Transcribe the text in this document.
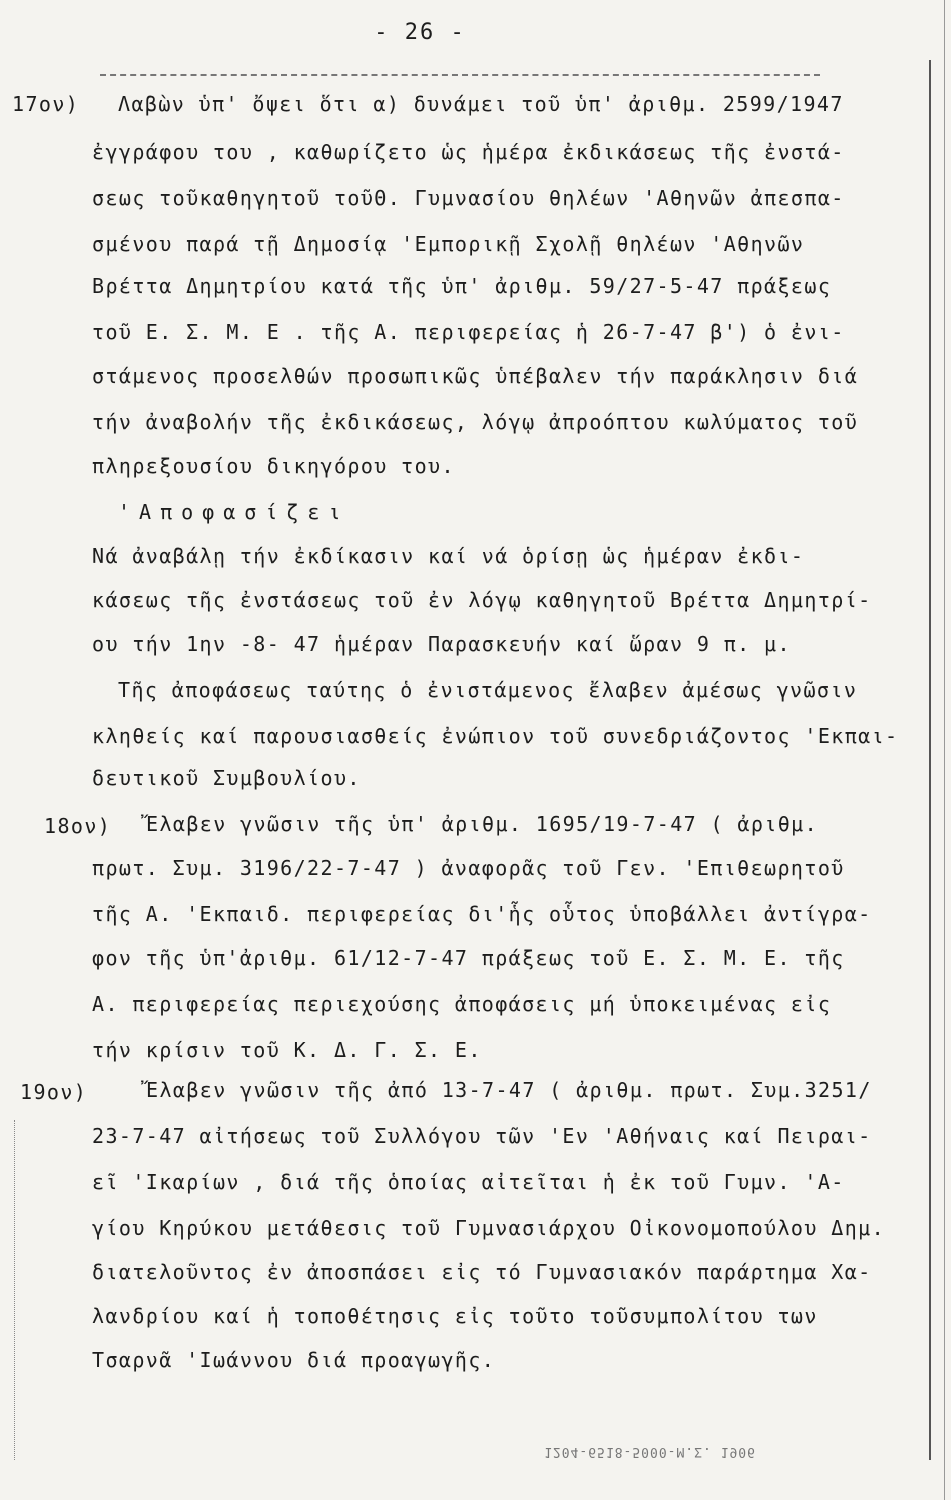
- 26 -
17ον) Λαβὼν ὑπ' ὄψει ὅτι α) δυνάμει τοῦ ὑπ' ἀριθμ. 2599/1947
ἐγγράφου του , καθωρίζετο ὡς ἡμέρα ἐκδικάσεως τῆς ἐνστά-
σεως τοῦκαθηγητοῦ τοῦΘ. Γυμνασίου θηλέων 'Αθηνῶν ἀπεσπα-
σμένου παρά τῇ Δημοσίᾳ 'Εμπορικῇ Σχολῇ θηλέων 'Αθηνῶν
Βρέττα Δημητρίου κατά τῆς ὑπ' ἀριθμ. 59/27-5-47 πράξεως
τοῦ Ε. Σ. Μ. Ε . τῆς Α. περιφερείας ἡ 26-7-47 β') ὁ ἐνι-
στάμενος προσελθών προσωπικῶς ὑπέβαλεν τήν παράκλησιν διά
τήν ἀναβολήν τῆς ἐκδικάσεως, λόγῳ ἀπροόπτου κωλύματος τοῦ
πληρεξουσίου δικηγόρου του.
'Αποφασίζει
Νά ἀναβάλῃ τήν ἐκδίκασιν καί νά ὁρίσῃ ὡς ἡμέραν ἐκδι-
κάσεως τῆς ἐνστάσεως τοῦ ἐν λόγῳ καθηγητοῦ Βρέττα Δημητρί-
ου τήν 1ην -8- 47 ἡμέραν Παρασκευήν καί ὥραν 9 π. μ.
Τῆς ἀποφάσεως ταύτης ὁ ἐνιστάμενος ἔλαβεν ἀμέσως γνῶσιν
κληθείς καί παρουσιασθείς ἐνώπιον τοῦ συνεδριάζοντος 'Εκπαι-
δευτικοῦ Συμβουλίου.
18ον) Ἔλαβεν γνῶσιν τῆς ὑπ' ἀριθμ. 1695/19-7-47 ( ἀριθμ.
πρωτ. Συμ. 3196/22-7-47 ) ἀναφορᾶς τοῦ Γεν. 'Επιθεωρητοῦ
τῆς Α. 'Εκπαιδ. περιφερείας δι'ἧς οὗτος ὑποβάλλει ἀντίγρα-
φον τῆς ὑπ'ἀριθμ. 61/12-7-47 πράξεως τοῦ Ε. Σ. Μ. Ε. τῆς
Α. περιφερείας περιεχούσης ἀποφάσεις μή ὑποκειμένας εἰς
τήν κρίσιν τοῦ Κ. Δ. Γ. Σ. Ε.
19ον)	Ἔλαβεν γνῶσιν τῆς ἀπό 13-7-47 ( ἀριθμ. πρωτ. Συμ.3251/
23-7-47 αἰτήσεως τοῦ Συλλόγου τῶν 'Εν 'Αθήναις καί Πειραι-
εῖ 'Ικαρίων , διά τῆς ὁποίας αἰτεῖται ἡ ἐκ τοῦ Γυμν. 'Α-
γίου Κηρύκου μετάθεσις τοῦ Γυμνασιάρχου Οἰκονομοπούλου Δημ.
διατελοῦντος ἐν ἀποσπάσει εἰς τό Γυμνασιακόν παράρτημα Χα-
λανδρίου καί ἡ τοποθέτησις εἰς τοῦτο τοῦσυμπολίτου των
Τσαρνᾶ 'Ιωάννου διά προαγωγῆς.
1204-6518-5000-Μ.Σ. 1906
